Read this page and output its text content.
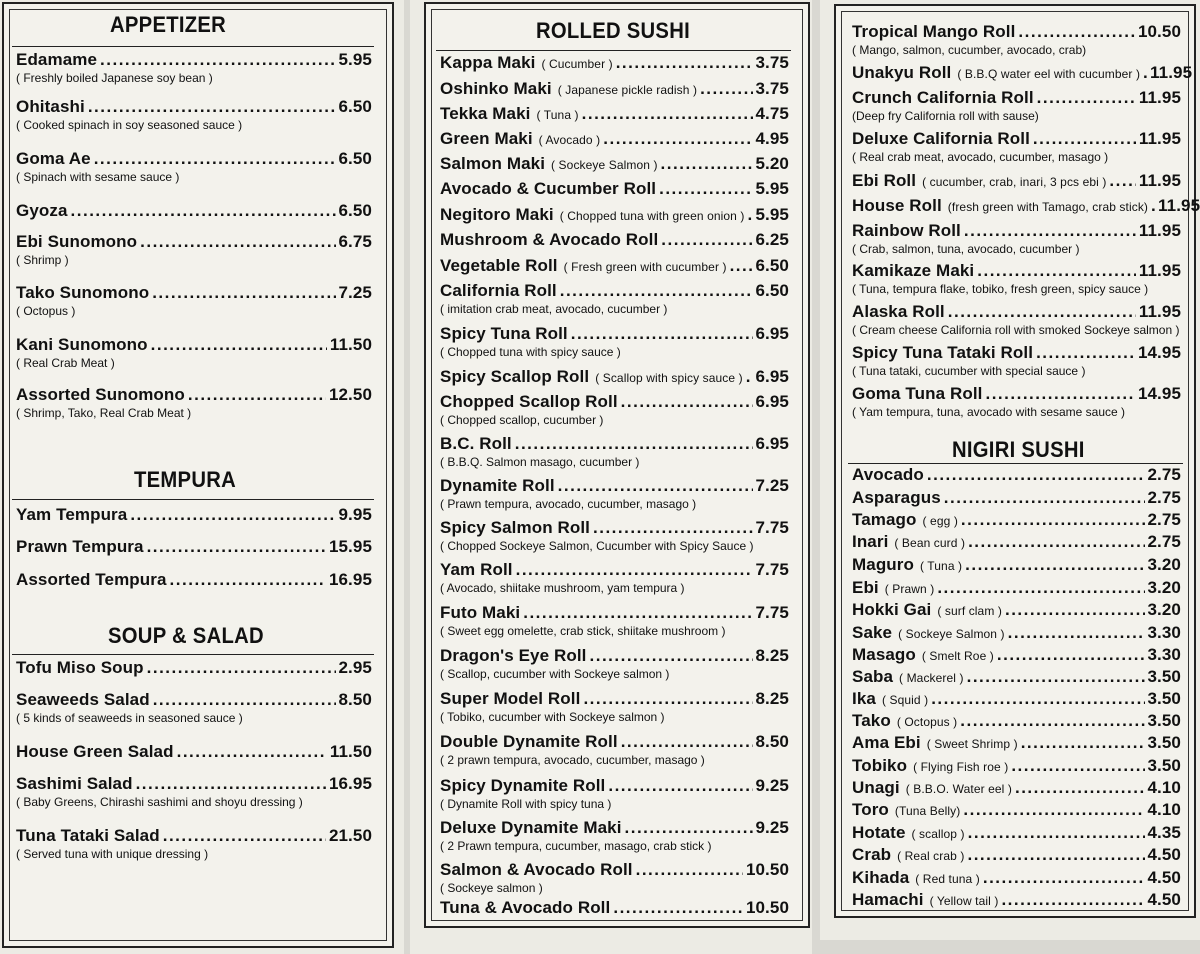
APPETIZER
Edamame .....	5.95
( Freshly boiled Japanese soy bean )
Ohitashi .....	6.50
( Cooked spinach in soy seasoned sauce )
Goma Ae .....	6.50
( Spinach with sesame sauce )
Gyoza .....	6.50
Ebi Sunomono .....	6.75
( Shrimp )
Tako Sunomono .....	7.25
( Octopus )
Kani Sunomono .....	11.50
( Real Crab Meat )
Assorted Sunomono .....	12.50
( Shrimp, Tako, Real Crab Meat )
TEMPURA
Yam Tempura .....	9.95
Prawn Tempura .....	15.95
Assorted Tempura .....	16.95
SOUP & SALAD
Tofu Miso Soup .....	2.95
Seaweeds Salad .....	8.50
( 5 kinds of seaweeds in seasoned sauce )
House Green Salad .....	11.50
Sashimi Salad .....	16.95
( Baby Greens, Chirashi sashimi and shoyu dressing )
Tuna Tataki Salad .....	21.50
( Served tuna with unique dressing )
ROLLED SUSHI
Kappa Maki ( Cucumber ) .....	3.75
Oshinko Maki ( Japanese pickle radish ) .....	3.75
Tekka Maki ( Tuna ) .....	4.75
Green Maki ( Avocado ) .....	4.95
Salmon Maki ( Sockeye Salmon ) .....	5.20
Avocado & Cucumber Roll .....	5.95
Negitoro Maki ( Chopped tuna with green onion ) ..... 5.95
Mushroom & Avocado Roll .....	6.25
Vegetable Roll ( Fresh green with cucumber ) ..... 6.50
California Roll .....	6.50
( imitation crab meat, avocado, cucumber )
Spicy Tuna Roll .....	6.95
( Chopped tuna with spicy sauce )
Spicy Scallop Roll ( Scallop with spicy sauce ) ..... 6.95
Chopped Scallop Roll .....	6.95
( Chopped scallop, cucumber )
B.C. Roll .....	6.95
( B.B.Q. Salmon masago, cucumber )
Dynamite Roll .....	7.25
( Prawn tempura, avocado, cucumber, masago )
Spicy Salmon Roll .....	7.75
( Chopped Sockeye Salmon, Cucumber with Spicy Sauce )
Yam Roll .....	7.75
( Avocado, shiitake mushroom, yam tempura )
Futo Maki .....	7.75
( Sweet egg omelette, crab stick, shiitake mushroom )
Dragon's Eye Roll .....	8.25
( Scallop, cucumber with Sockeye salmon )
Super Model Roll .....	8.25
( Tobiko, cucumber with Sockeye salmon )
Double Dynamite Roll .....	8.50
( 2 prawn tempura, avocado, cucumber, masago )
Spicy Dynamite Roll .....	9.25
( Dynamite Roll with spicy tuna )
Deluxe Dynamite Maki .....	9.25
( 2 Prawn tempura, cucumber, masago, crab stick )
Salmon & Avocado Roll .....	10.50
( Sockeye salmon )
Tuna & Avocado Roll .....	10.50
Tropical Mango Roll .....	10.50
( Mango, salmon, cucumber, avocado, crab)
Unakyu Roll ( B.B.Q water eel with cucumber ) ..... 11.95
Crunch California Roll .....	11.95
(Deep fry California roll with sause)
Deluxe California Roll .....	11.95
( Real crab meat, avocado, cucumber, masago )
Ebi Roll ( cucumber, crab, inari, 3 pcs ebi ) ..... 11.95
House Roll (fresh green with Tamago, crab stick) ..... 11.95
Rainbow Roll .....	11.95
( Crab, salmon, tuna, avocado, cucumber )
Kamikaze Maki .....	11.95
( Tuna, tempura flake, tobiko, fresh green, spicy sauce )
Alaska Roll .....	11.95
( Cream cheese California roll with smoked Sockeye salmon )
Spicy Tuna Tataki Roll .....	14.95
( Tuna tataki, cucumber with special sauce )
Goma Tuna Roll .....	14.95
( Yam tempura, tuna, avocado with sesame sauce )
NIGIRI SUSHI
Avocado .....	2.75
Asparagus .....	2.75
Tamago ( egg ) .....	2.75
Inari ( Bean curd ) .....	2.75
Maguro ( Tuna ) .....	3.20
Ebi ( Prawn ) .....	3.20
Hokki Gai ( surf clam ) .....	3.20
Sake ( Sockeye Salmon ) .....	3.30
Masago ( Smelt Roe ) .....	3.30
Saba ( Mackerel ) .....	3.50
Ika ( Squid ) .....	3.50
Tako ( Octopus ) .....	3.50
Ama Ebi ( Sweet Shrimp ) .....	3.50
Tobiko ( Flying Fish roe ) .....	3.50
Unagi ( B.B.O. Water eel ) .....	4.10
Toro (Tuna Belly) .....	4.10
Hotate ( scallop ) .....	4.35
Crab ( Real crab ) .....	4.50
Kihada ( Red tuna ) .....	4.50
Hamachi ( Yellow tail ) .....	4.50
